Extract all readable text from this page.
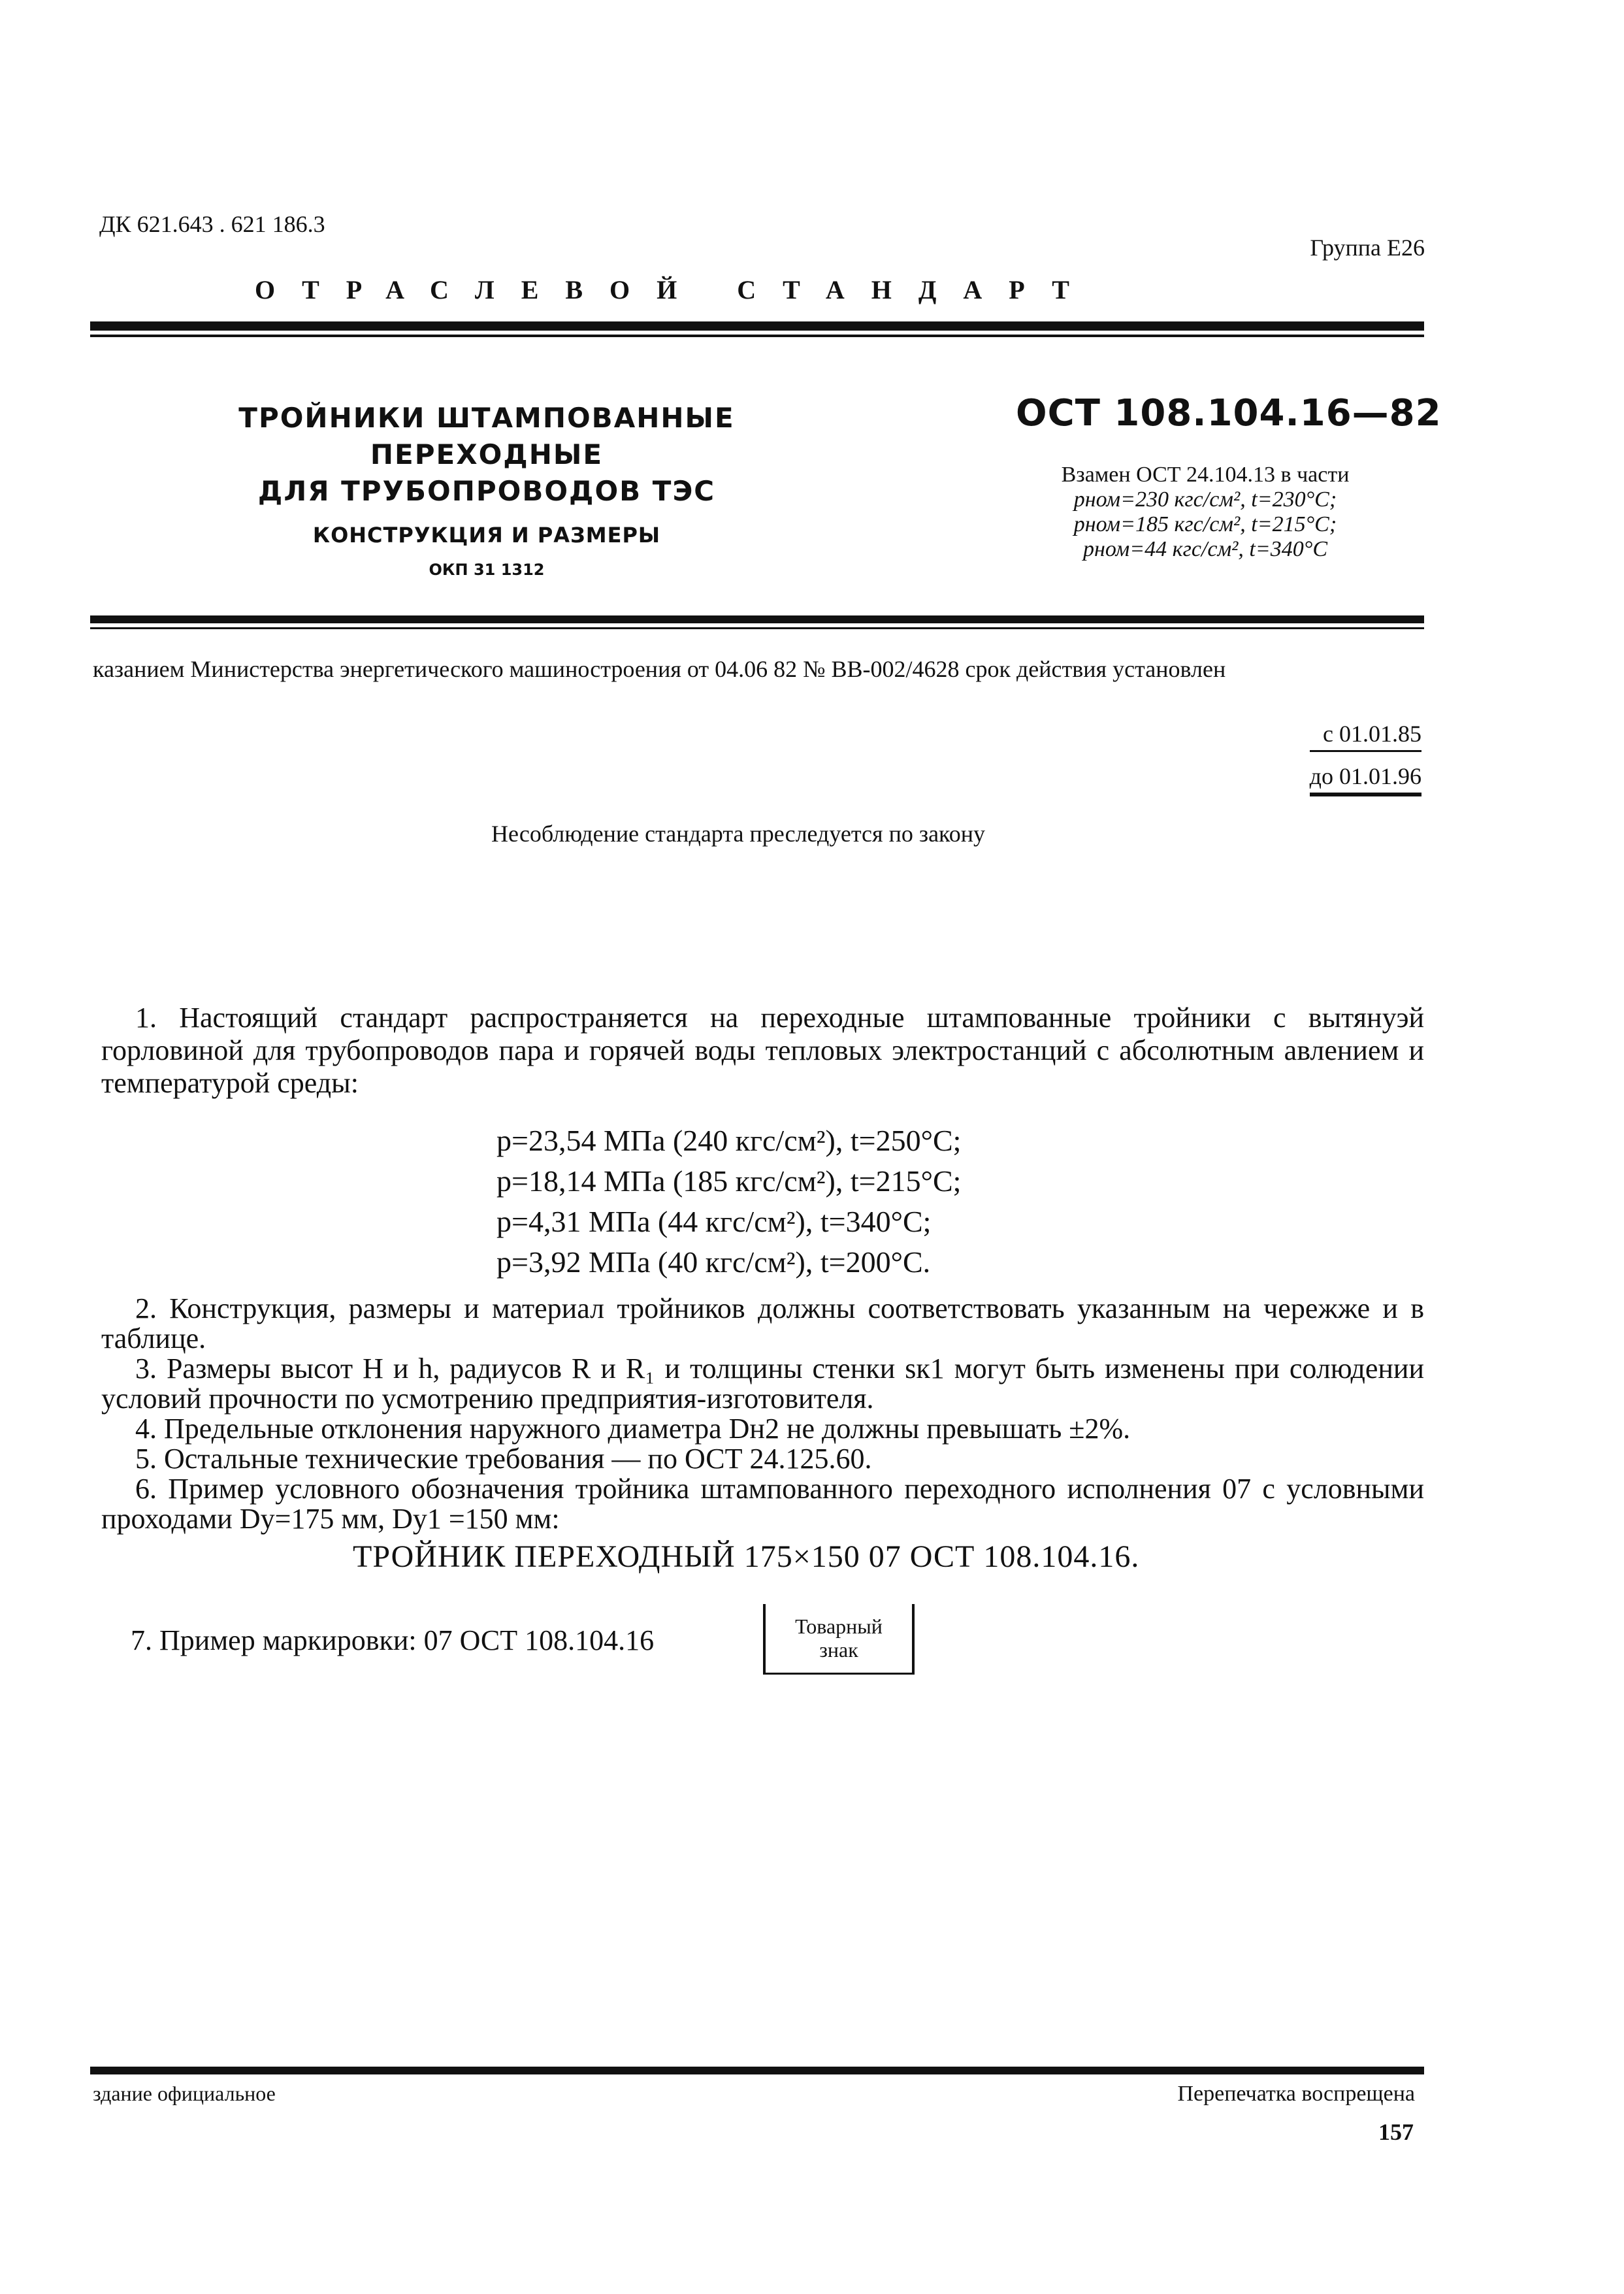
ДК 621.643 . 621 186.3
Группа Е26
ОТРАСЛЕВОЙ СТАНДАРТ
ТРОЙНИКИ ШТАМПОВАННЫЕ ПЕРЕХОДНЫЕ
ДЛЯ ТРУБОПРОВОДОВ ТЭС
КОНСТРУКЦИЯ И РАЗМЕРЫ
ОКП 31 1312
ОСТ 108.104.16—82
Взамен ОСТ 24.104.13 в части
pном=230 кгс/см², t=230°С;
pном=185 кгс/см², t=215°С;
pном=44 кгс/см², t=340°С
казанием Министерства энергетического машиностроения от 04.06 82 № ВВ-002/4628 срок действия установлен
с 01.01.85
до 01.01.96
Несоблюдение стандарта преследуется по закону
1. Настоящий стандарт распространяется на переходные штампованные тройники с вытянуэй горловиной для трубопроводов пара и горячей воды тепловых электростанций с абсолютным авлением и температурой среды:
p=23,54 МПа (240 кгс/см²), t=250°С;
p=18,14 МПа (185 кгс/см²), t=215°С;
p=4,31 МПа (44 кгс/см²), t=340°С;
p=3,92 МПа (40 кгс/см²), t=200°С.

2. Конструкция, размеры и материал тройников должны соответствовать указанным на чережже и в таблице.

3. Размеры высот H и h, радиусов R и R₁ и толщины стенки sк1 могут быть изменены при солюдении условий прочности по усмотрению предприятия-изготовителя.

4. Предельные отклонения наружного диаметра Dн2 не должны превышать ±2%.

5. Остальные технические требования — по ОСТ 24.125.60.

6. Пример условного обозначения тройника штампованного переходного исполнения 07 с условными проходами Dу=175 мм, Dу1 =150 мм:

ТРОЙНИК ПЕРЕХОДНЫЙ 175×150 07 ОСТ 108.104.16.
7. Пример маркировки: 07 ОСТ 108.104.16	Товарный
знак
здание официальное	Перепечатка воспрещена
157
